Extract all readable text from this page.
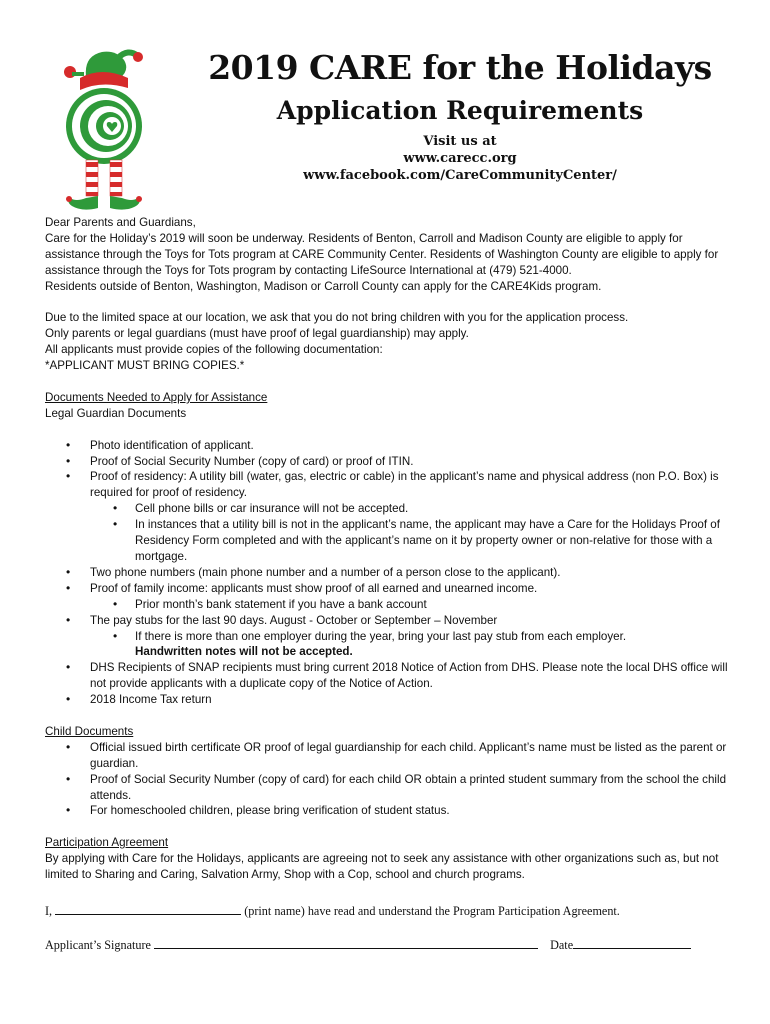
2019 CARE for the Holidays
Application Requirements
Visit us at
www.carecc.org
www.facebook.com/CareCommunityCenter/

Dear Parents and Guardians,

Care for the Holiday’s 2019 will soon be underway. Residents of Benton, Carroll and Madison County are eligible to apply for assistance through the Toys for Tots program at CARE Community Center. Residents of Washington County are eligible to apply for assistance through the Toys for Tots program by contacting LifeSource International at (479) 521-4000.

Residents outside of Benton, Washington, Madison or Carroll County can apply for the CARE4Kids program.

Due to the limited space at our location, we ask that you do not bring children with you for the application process.

Only parents or legal guardians (must have proof of legal guardianship) may apply.

All applicants must provide copies of the following documentation:

*APPLICANT MUST BRING COPIES.*

Documents Needed to Apply for Assistance

Legal Guardian Documents

• Photo identification of applicant.
• Proof of Social Security Number (copy of card) or proof of ITIN.
• Proof of residency: A utility bill (water, gas, electric or cable) in the applicant’s name and physical address (non P.O. Box) is required for proof of residency.
• Cell phone bills or car insurance will not be accepted.
• In instances that a utility bill is not in the applicant’s name, the applicant may have a Care for the Holidays Proof of Residency Form completed and with the applicant’s name on it by property owner or non-relative for those with a mortgage.
• Two phone numbers (main phone number and a number of a person close to the applicant).
• Proof of family income: applicants must show proof of all earned and unearned income.
• Prior month’s bank statement if you have a bank account
• The pay stubs for the last 90 days. August - October or September – November
• If there is more than one employer during the year, bring your last pay stub from each employer.
Handwritten notes will not be accepted.
• DHS Recipients of SNAP recipients must bring current 2018 Notice of Action from DHS. Please note the local DHS office will not provide applicants with a duplicate copy of the Notice of Action.
• 2018 Income Tax return

Child Documents

• Official issued birth certificate OR proof of legal guardianship for each child. Applicant’s name must be listed as the parent or guardian.
• Proof of Social Security Number (copy of card) for each child OR obtain a printed student summary from the school the child attends.
• For homeschooled children, please bring verification of student status.

Participation Agreement

By applying with Care for the Holidays, applicants are agreeing not to seek any assistance with other organizations such as, but not limited to Sharing and Caring, Salvation Army, Shop with a Cop, school and church programs.

I,	(print name) have read and understand the Program Participation Agreement.
Applicant’s Signature	Date
